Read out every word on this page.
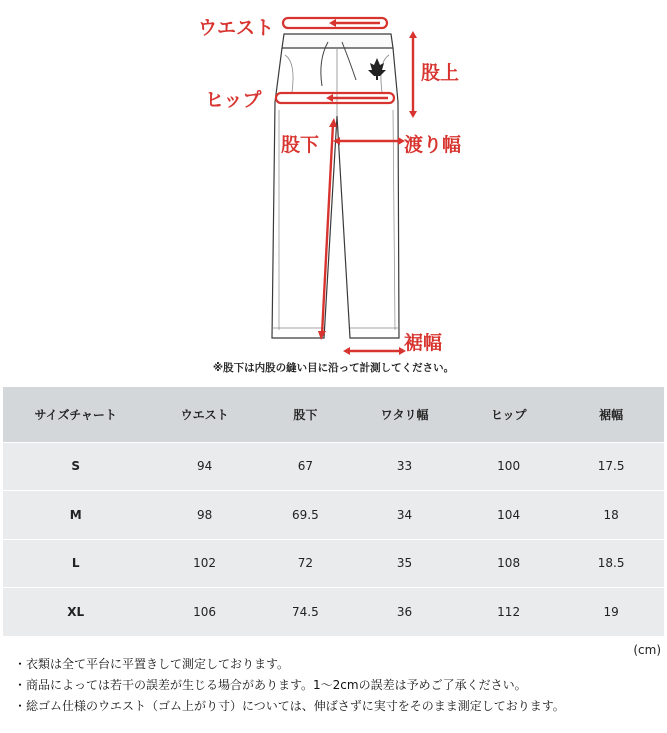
ウエスト
股上
ヒップ
股下	渡り幅
裾幅
※股下は内股の縫い目に沿って計測してください。
サイズチャート	ウエスト	股下	ワタリ幅	ヒップ	裾幅
S	94	67	33	100	17.5
M	98	69.5	34	104	18
L	102	72	35	108	18.5
XL	106	74.5	36	112	19
(cm)
・衣類は全て平台に平置きして測定しております。
・商品によっては若干の誤差が生じる場合があります。1〜2cmの誤差は予めご了承ください。
・総ゴム仕様のウエスト（ゴム上がり寸）については、伸ばさずに実寸をそのまま測定しております。
